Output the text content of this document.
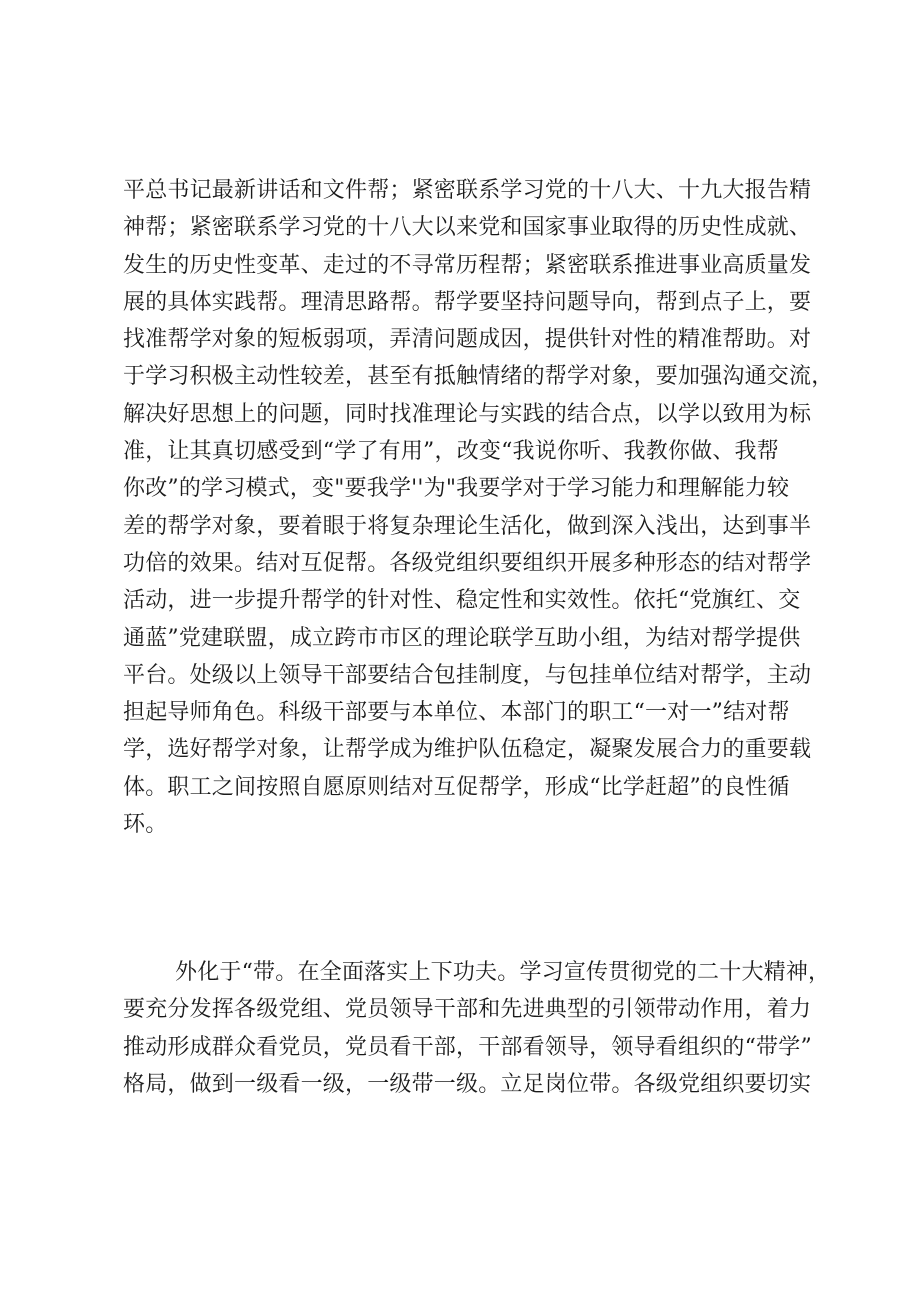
平总书记最新讲话和文件帮；紧密联系学习党的十八大、十九大报告精
神帮；紧密联系学习党的十八大以来党和国家事业取得的历史性成就、
发生的历史性变革、走过的不寻常历程帮；紧密联系推进事业高质量发
展的具体实践帮。理清思路帮。帮学要坚持问题导向，帮到点子上，要
找准帮学对象的短板弱项，弄清问题成因，提供针对性的精准帮助。对
于学习积极主动性较差，甚至有抵触情绪的帮学对象，要加强沟通交流，
解决好思想上的问题，同时找准理论与实践的结合点，以学以致用为标
准，让其真切感受到“学了有用”，改变“我说你听、我教你做、我帮
你改”的学习模式，变"要我学''为"我要学对于学习能力和理解能力较
差的帮学对象，要着眼于将复杂理论生活化，做到深入浅出，达到事半
功倍的效果。结对互促帮。各级党组织要组织开展多种形态的结对帮学
活动，进一步提升帮学的针对性、稳定性和实效性。依托“党旗红、交
通蓝”党建联盟，成立跨市市区的理论联学互助小组，为结对帮学提供
平台。处级以上领导干部要结合包挂制度，与包挂单位结对帮学，主动
担起导师角色。科级干部要与本单位、本部门的职工“一对一”结对帮
学，选好帮学对象，让帮学成为维护队伍稳定，凝聚发展合力的重要载
体。职工之间按照自愿原则结对互促帮学，形成“比学赶超”的良性循
环。
外化于“带。在全面落实上下功夫。学习宣传贯彻党的二十大精神，
要充分发挥各级党组、党员领导干部和先进典型的引领带动作用，着力
推动形成群众看党员，党员看干部，干部看领导，领导看组织的“带学”
格局，做到一级看一级，一级带一级。立足岗位带。各级党组织要切实
